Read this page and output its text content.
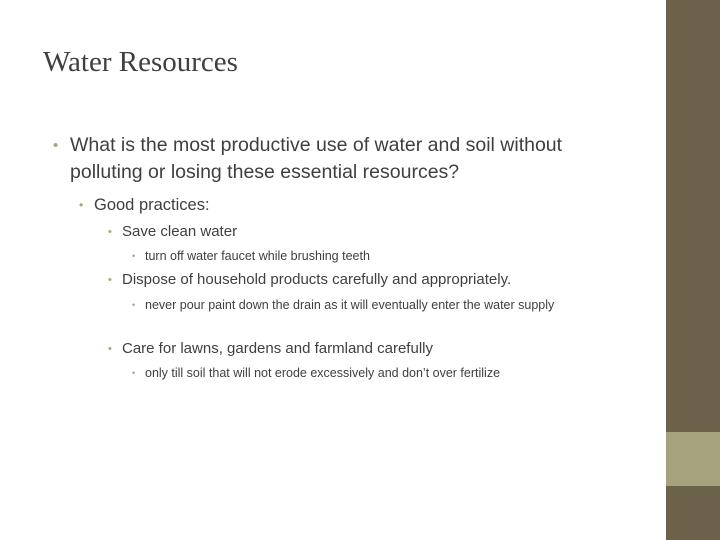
Water Resources
• What is the most productive use of water and soil without polluting or losing these essential resources?
• Good practices:
• Save clean water
• turn off water faucet while brushing teeth
• Dispose of household products carefully and appropriately.
• never pour paint down the drain as it will eventually enter the water supply
• Care for lawns, gardens and farmland carefully
• only till soil that will not erode excessively and don’t over fertilize
